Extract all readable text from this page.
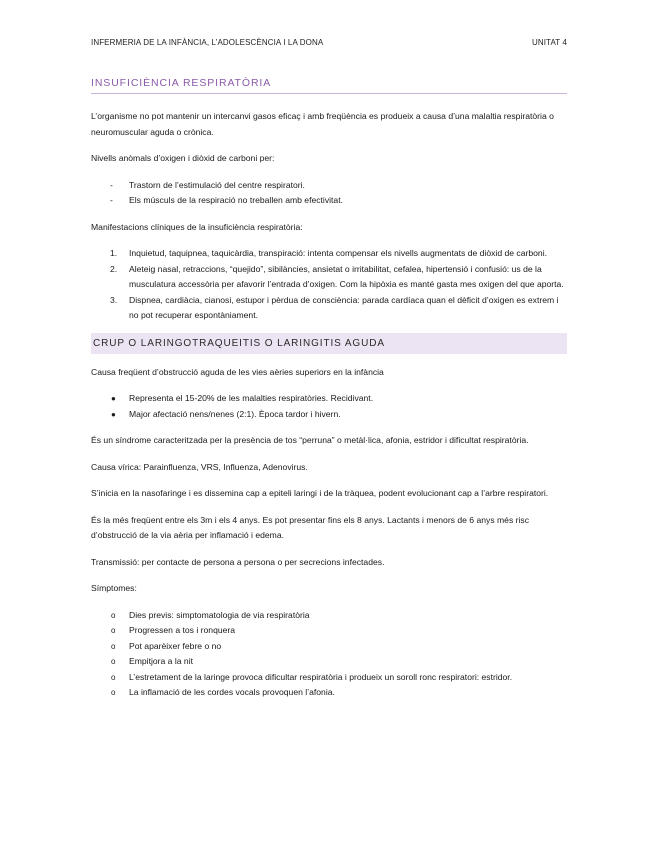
INFERMERIA DE LA INFÀNCIA, L’ADOLESCÈNCIA I LA DONA	UNITAT 4
INSUFICIÈNCIA RESPIRATÒRIA

L’organisme no pot mantenir un intercanvi gasos eficaç i amb freqüència es produeix a causa d’una malaltia respiratòria o neuromuscular aguda o crònica.

Nivells anòmals d’oxigen i diòxid de carboni per:

- Trastorn de l’estimulació del centre respiratori.
- Els músculs de la respiració no treballen amb efectivitat.

Manifestacions clíniques de la insuficiència respiratòria:

1. Inquietud, taquipnea, taquicàrdia, transpiració: intenta compensar els nivells augmentats de diòxid de carboni.
2. Aleteig nasal, retraccions, “quejido”, sibilàncies, ansietat o irritabilitat, cefalea, hipertensió i confusió: us de la musculatura accessòria per afavorir l’entrada d’oxigen. Com la hipòxia es manté gasta mes oxigen del que aporta.
3. Dispnea, cardiàcia, cianosi, estupor i pèrdua de consciència: parada cardíaca quan el dèficit d’oxigen es extrem i no pot recuperar espontàniament.
CRUP O LARINGOTRAQUEITIS O LARINGITIS AGUDA

Causa freqüent d’obstrucció aguda de les vies aèries superiors en la infància

● Representa el 15-20% de les malalties respiratòries. Recidivant.
● Major afectació nens/nenes (2:1). Època tardor i hivern.

És un síndrome caracteritzada per la presència de tos “perruna” o metàl·lica, afonia, estridor i dificultat respiratòria.

Causa vírica: Parainfluenza, VRS, Influenza, Adenovirus.

S’inicia en la nasofaringe i es dissemina cap a epiteli laringi i de la tràquea, podent evolucionant cap a l’arbre respiratori.

És la més freqüent entre els 3m i els 4 anys. Es pot presentar fins els 8 anys. Lactants i menors de 6 anys més risc d’obstrucció de la via aèria per inflamació i edema.

Transmissió: per contacte de persona a persona o per secrecions infectades.

Símptomes:

o Dies previs: simptomatologia de via respiratòria
o Progressen a tos i ronquera
o Pot aparèixer febre o no
o Empitjora a la nit
o L’estretament de la laringe provoca dificultar respiratòria i produeix un soroll ronc respiratori: estridor.
o La inflamació de les cordes vocals provoquen l’afonia.
